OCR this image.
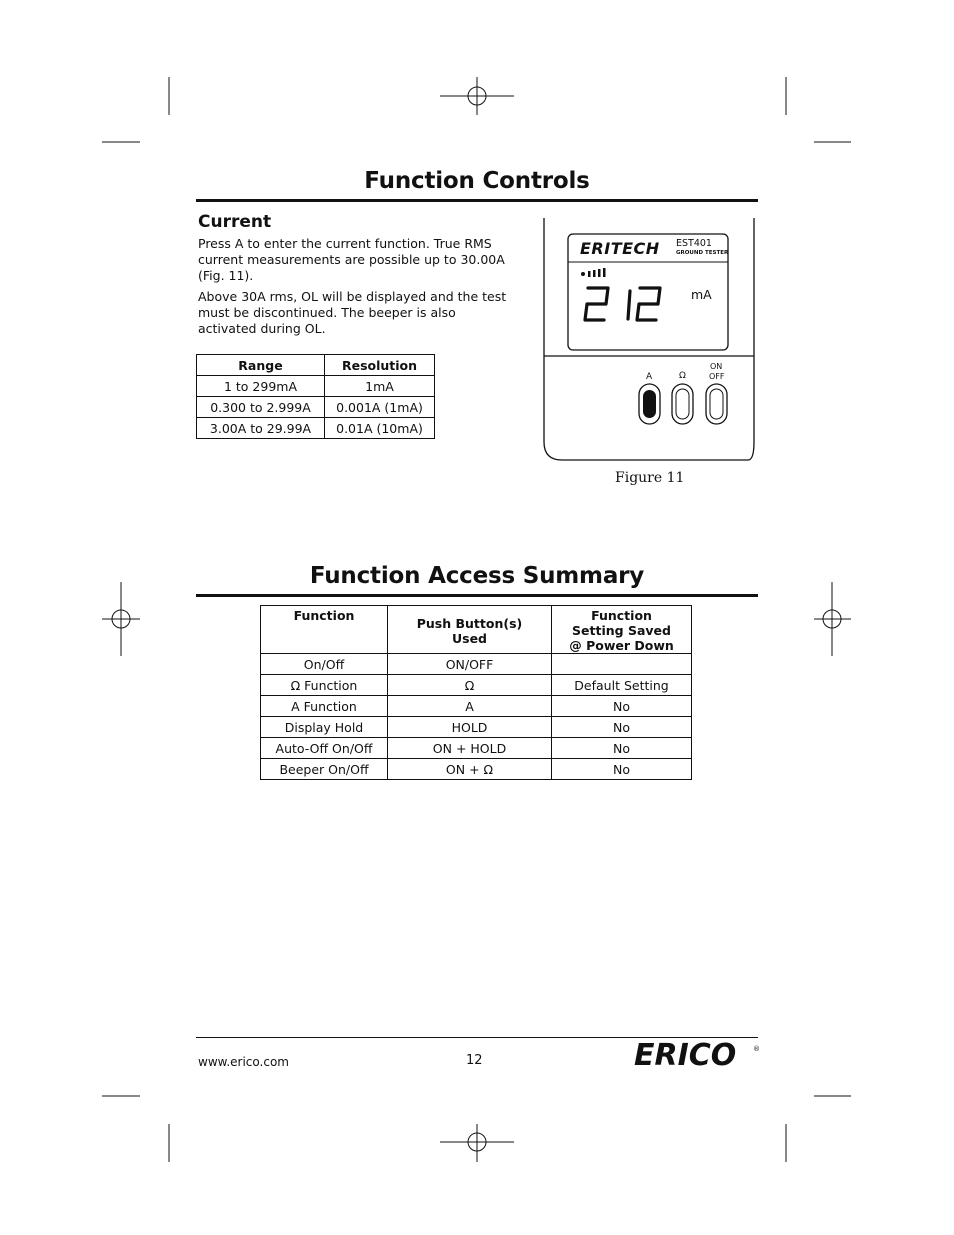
Function Controls
Current
Press A to enter the current function. True RMS current measurements are possible up to 30.00A (Fig. 11).
Above 30A rms, OL will be displayed and the test must be discontinued. The beeper is also activated during OL.
Range	Resolution
1 to 299mA	1mA
0.300 to 2.999A	0.001A (1mA)
3.00A to 29.99A	0.01A (10mA)
ERITECH EST401
GROUND TESTER
mA
A	Ω
ON
OFF
Figure 11
Function Access Summary
Function	Push Button(s) Used	Function Setting Saved @ Power Down
On/Off	ON/OFF	
Ω Function	Ω	Default Setting
A Function	A	No
Display Hold	HOLD	No
Auto-Off On/Off	ON + HOLD	No
Beeper On/Off	ON + Ω	No
www.erico.com	12	ERICO ®
